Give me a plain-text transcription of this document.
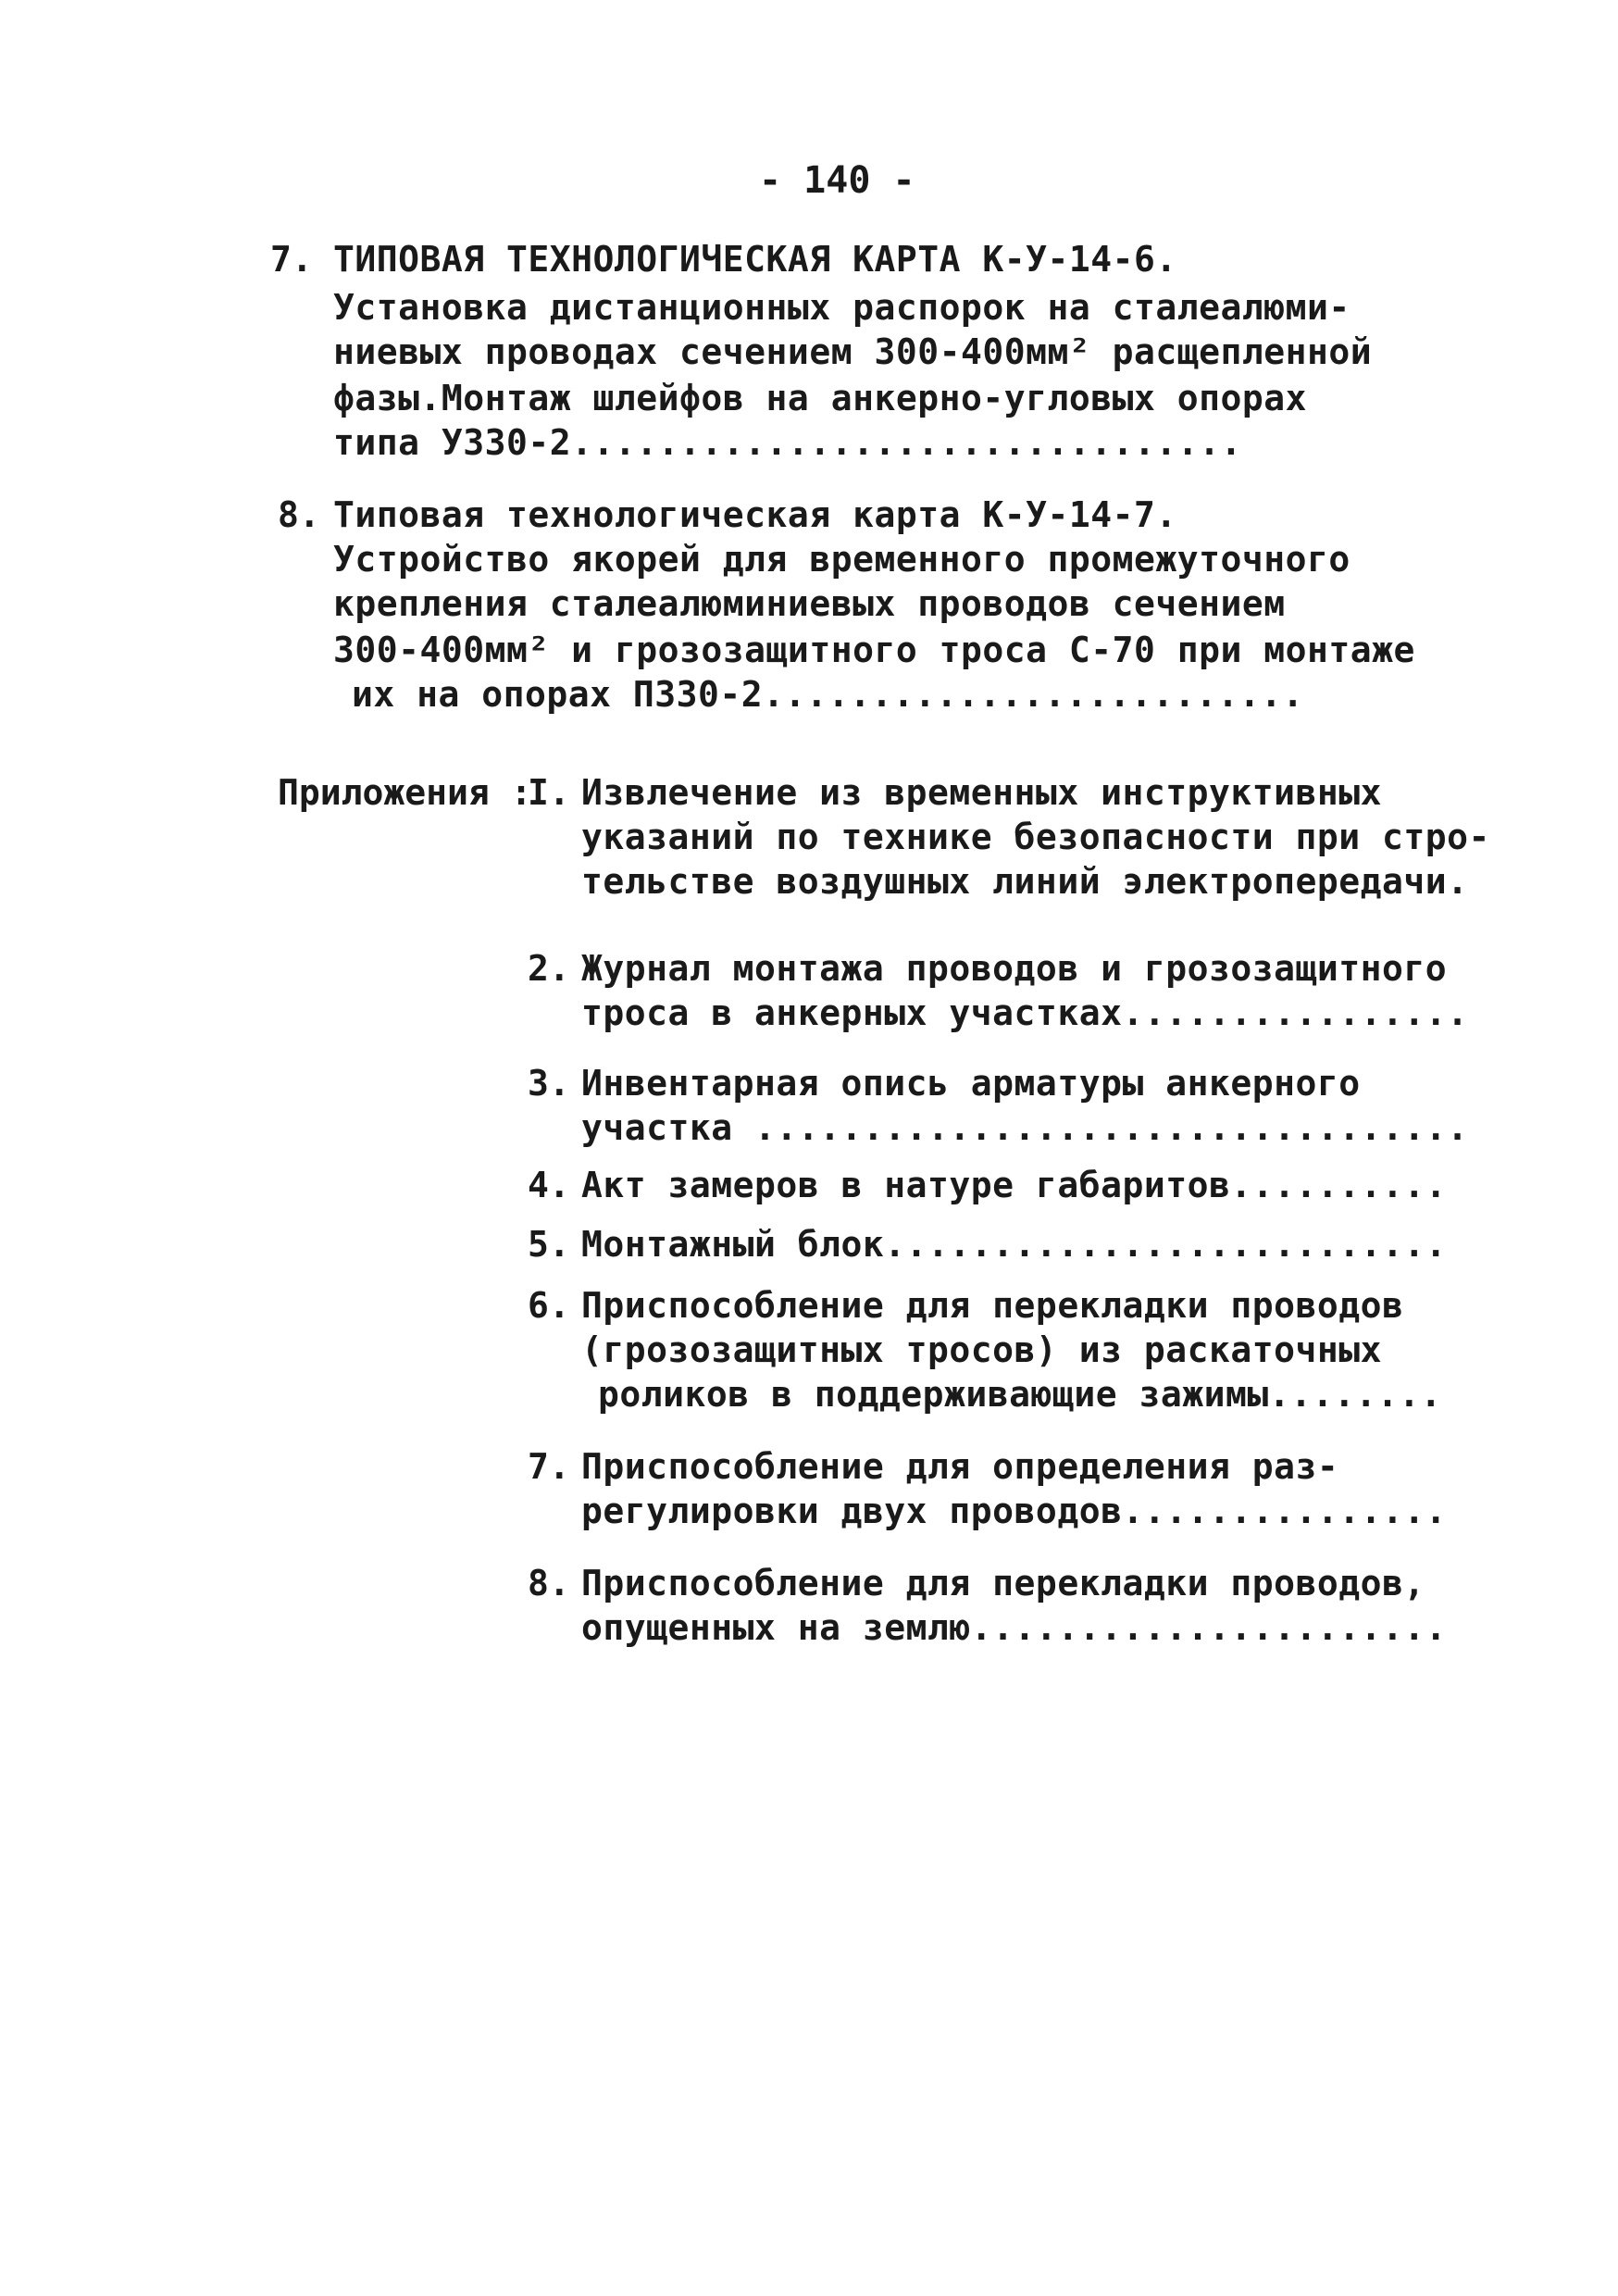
- 140 -
7. ТИПОВАЯ ТЕХНОЛОГИЧЕСКАЯ КАРТА К-У-14-6.
Установка дистанционных распорок на сталеалюми-
ниевых проводах сечением 300-400мм² расщепленной
фазы.Монтаж шлейфов на анкерно-угловых опорах
типа У330-2...............................
8. Типовая технологическая карта К-У-14-7.
Устройство якорей для временного промежуточного
крепления сталеалюминиевых проводов сечением
300-400мм² и грозозащитного троса С-70 при монтаже
их на опорах П330-2.........................
Приложения :
I. Извлечение из временных инструктивных
указаний по технике безопасности при стро-
тельстве воздушных линий электропередачи.
2. Журнал монтажа проводов и грозозащитного
троса в анкерных участках................
3. Инвентарная опись арматуры анкерного
участка .................................
4. Акт замеров в натуре габаритов..........
5. Монтажный блок..........................
6. Приспособление для перекладки проводов
(грозозащитных тросов) из раскаточных
роликов в поддерживающие зажимы........
7. Приспособление для определения раз-
регулировки двух проводов...............
8. Приспособление для перекладки проводов,
опущенных на землю......................
